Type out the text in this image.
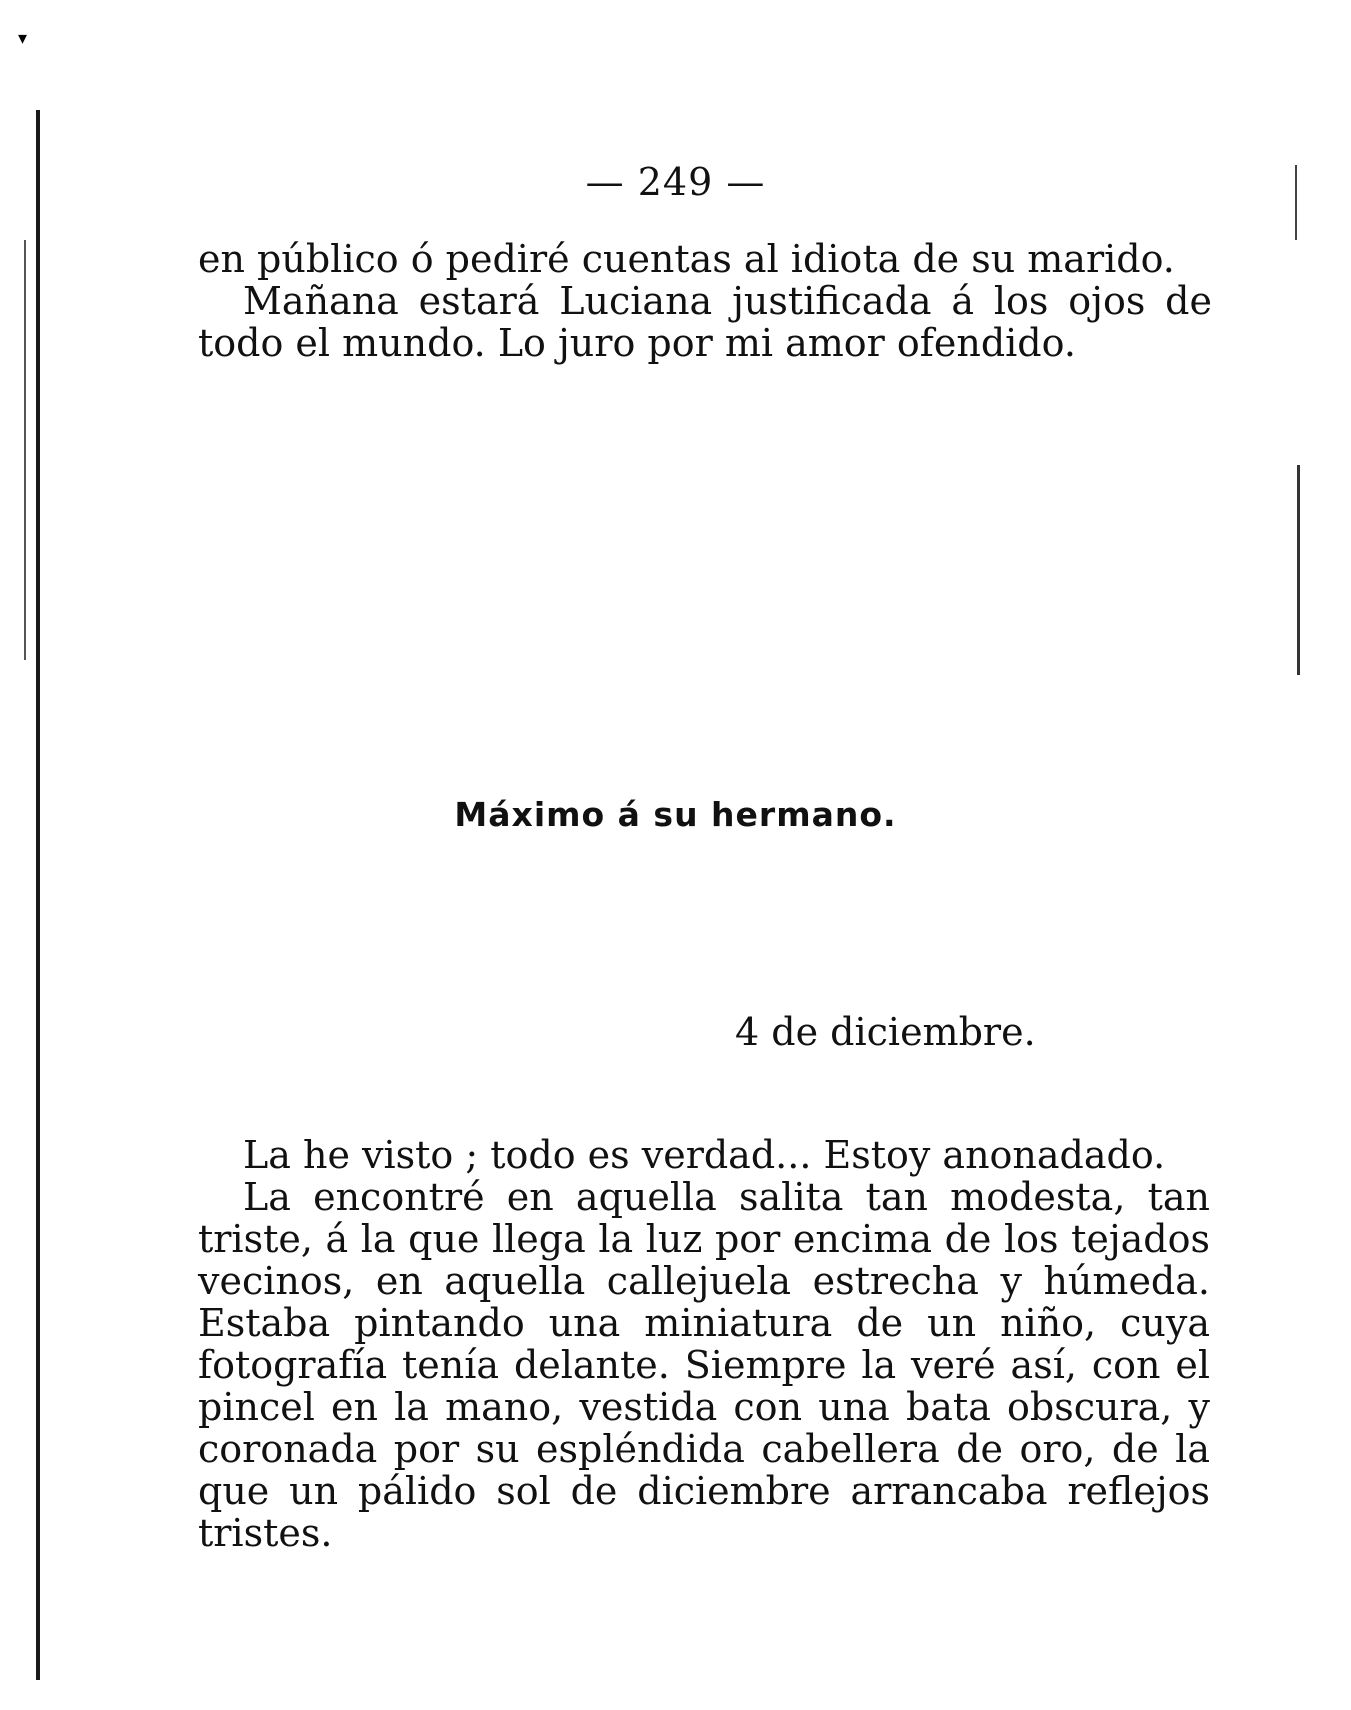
▾
— 249 —

en público ó pediré cuentas al idiota de su marido.

Mañana estará Luciana justificada á los ojos de todo el mundo. Lo juro por mi amor ofendido.

Máximo á su hermano.
4 de diciembre.

La he visto ; todo es verdad... Estoy anonadado.

La encontré en aquella salita tan modesta, tan triste, á la que llega la luz por encima de los tejados vecinos, en aquella callejuela estrecha y húmeda. Estaba pintando una miniatura de un niño, cuya fotografía tenía delante. Siempre la veré así, con el pincel en la mano, vestida con una bata obscura, y coronada por su espléndida cabellera de oro, de la que un pálido sol de diciembre arrancaba reflejos tristes.
